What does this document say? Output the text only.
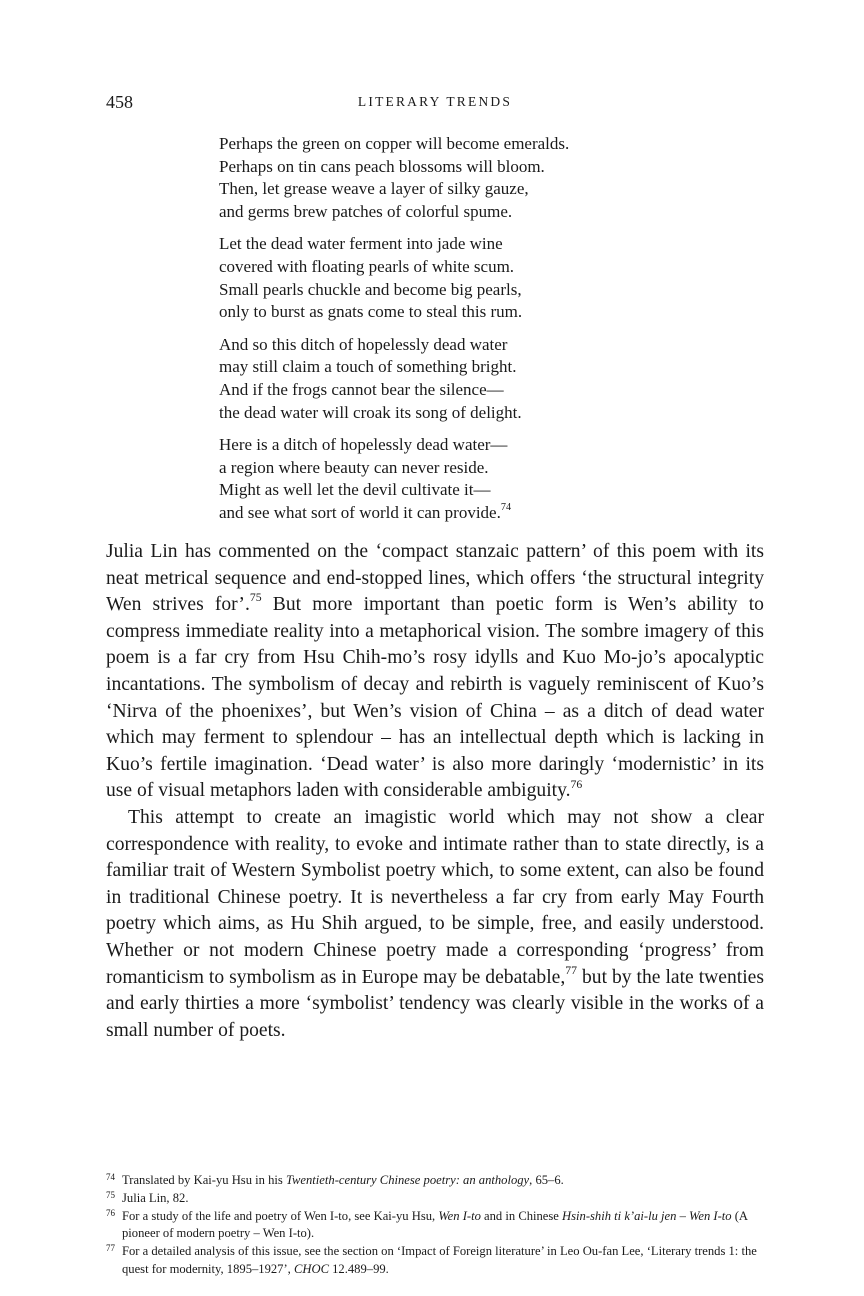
458	LITERARY TRENDS
Perhaps the green on copper will become emeralds.
Perhaps on tin cans peach blossoms will bloom.
Then, let grease weave a layer of silky gauze,
and germs brew patches of colorful spume.
Let the dead water ferment into jade wine
covered with floating pearls of white scum.
Small pearls chuckle and become big pearls,
only to burst as gnats come to steal this rum.
And so this ditch of hopelessly dead water
may still claim a touch of something bright.
And if the frogs cannot bear the silence—
the dead water will croak its song of delight.
Here is a ditch of hopelessly dead water—
a region where beauty can never reside.
Might as well let the devil cultivate it—
and see what sort of world it can provide.$^{74}$

Julia Lin has commented on the ‘compact stanzaic pattern’ of this poem with its neat metrical sequence and end-stopped lines, which offers ‘the structural integrity Wen strives for’.$^{75}$ But more important than poetic form is Wen’s ability to compress immediate reality into a metaphorical vision. The sombre imagery of this poem is a far cry from Hsu Chih-mo’s rosy idylls and Kuo Mo-jo’s apocalyptic incantations. The symbolism of decay and rebirth is vaguely reminiscent of Kuo’s ‘Nirva of the phoenixes’, but Wen’s vision of China – as a ditch of dead water which may ferment to splendour – has an intellectual depth which is lacking in Kuo’s fertile imagination. ‘Dead water’ is also more daringly ‘modernistic’ in its use of visual metaphors laden with considerable ambiguity.$^{76}$

This attempt to create an imagistic world which may not show a clear correspondence with reality, to evoke and intimate rather than to state directly, is a familiar trait of Western Symbolist poetry which, to some extent, can also be found in traditional Chinese poetry. It is nevertheless a far cry from early May Fourth poetry which aims, as Hu Shih argued, to be simple, free, and easily understood. Whether or not modern Chinese poetry made a corresponding ‘progress’ from romanticism to symbolism as in Europe may be debatable,$^{77}$ but by the late twenties and early thirties a more ‘symbolist’ tendency was clearly visible in the works of a small number of poets.

74 Translated by Kai-yu Hsu in his Twentieth-century Chinese poetry: an anthology, 65–6.
75 Julia Lin, 82.
76 For a study of the life and poetry of Wen I-to, see Kai-yu Hsu, Wen I-to and in Chinese Hsin-shih ti k’ai-lu jen – Wen I-to (A pioneer of modern poetry – Wen I-to).
77 For a detailed analysis of this issue, see the section on ‘Impact of Foreign literature’ in Leo Ou-fan Lee, ‘Literary trends 1: the quest for modernity, 1895–1927’, CHOC 12.489–99.
